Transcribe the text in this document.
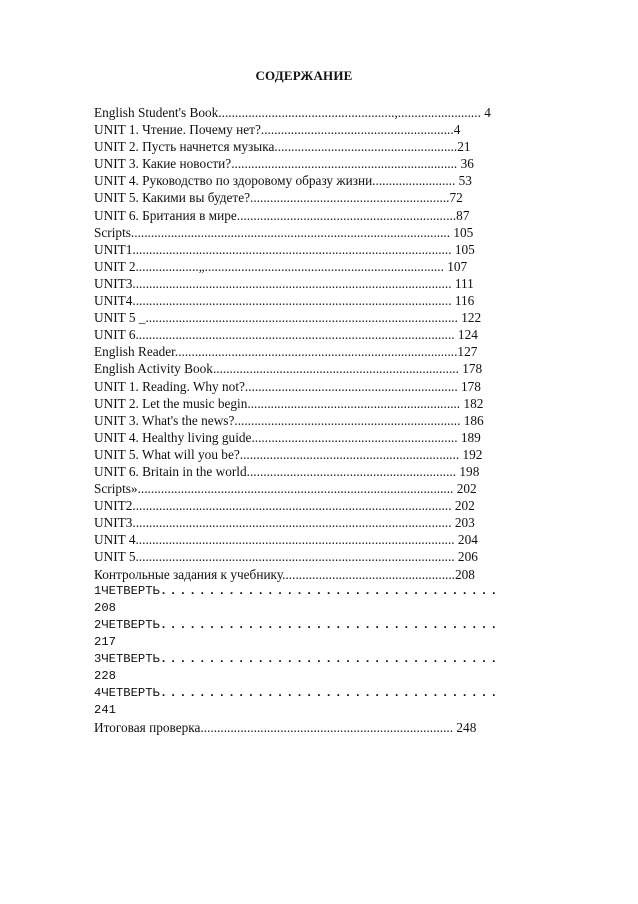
СОДЕРЖАНИЕ
English Student's Book.....................................................,......................... 4
UNIT 1. Чтение. Почему нет?..........................................................4
UNIT 2. Пусть начнется музыка.......................................................21
UNIT 3. Какие новости?.................................................................... 36
UNIT 4. Руководство по здоровому образу жизни......................... 53
UNIT 5. Какими вы будете?............................................................72
UNIT 6. Британия в мире..................................................................87
Scripts................................................................................................ 105
UNIT1................................................................................................ 105
UNIT 2...................„........................................................................ 107
UNIT3................................................................................................ 111
UNIT4................................................................................................ 116
UNIT 5 _.............................................................................................. 122
UNIT 6................................................................................................ 124
English Reader.....................................................................................127
English Activity Book.......................................................................... 178
UNIT 1. Reading. Why not?................................................................ 178
UNIT 2. Let the music begin................................................................ 182
UNIT 3. What's the news?.................................................................... 186
UNIT 4. Healthy living guide.............................................................. 189
UNIT 5. What will you be?.................................................................. 192
UNIT 6. Britain in the world............................................................... 198
Scripts»............................................................................................... 202
UNIT2................................................................................................ 202
UNIT3................................................................................................ 203
UNIT 4................................................................................................ 204
UNIT 5................................................................................................ 206
Контрольные задания к учебнику....................................................208
1ЧЕТВЕРТЬ...................................
208
2ЧЕТВЕРТЬ...................................
217
3ЧЕТВЕРТЬ...................................
228
4ЧЕТВЕРТЬ...................................
241
Итоговая проверка............................................................................ 248
